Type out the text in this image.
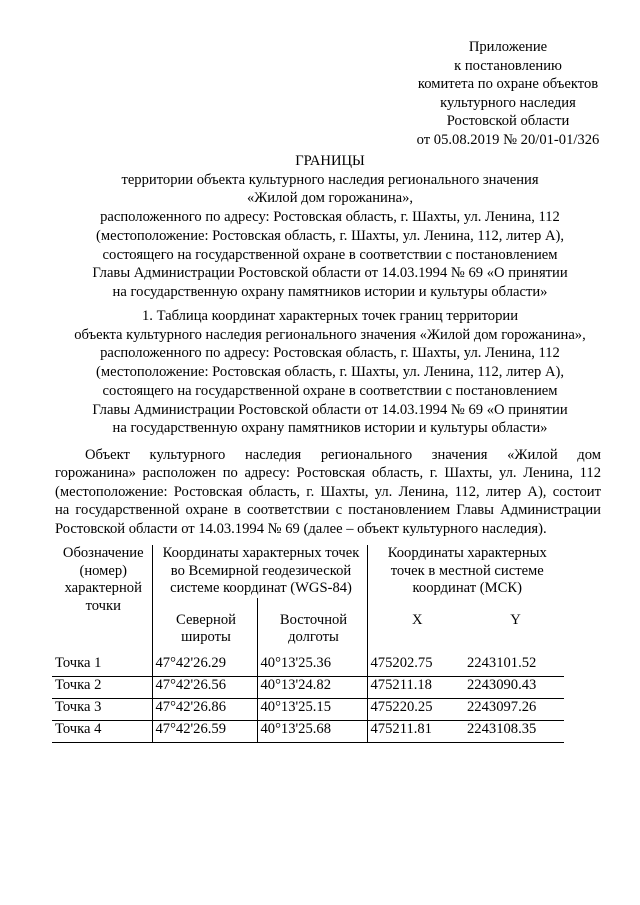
Приложение
к постановлению
комитета по охране объектов
культурного наследия
Ростовской области
от 05.08.2019 № 20/01-01/326
ГРАНИЦЫ
территории объекта культурного наследия регионального значения
«Жилой дом горожанина»,
расположенного по адресу: Ростовская область, г. Шахты, ул. Ленина, 112
(местоположение: Ростовская область, г. Шахты, ул. Ленина, 112, литер А),
состоящего на государственной охране в соответствии с постановлением
Главы Администрации Ростовской области от 14.03.1994 № 69 «О принятии
на государственную охрану памятников истории и культуры области»
1. Таблица координат характерных точек границ территории
объекта культурного наследия регионального значения «Жилой дом горожанина»,
расположенного по адресу: Ростовская область, г. Шахты, ул. Ленина, 112
(местоположение: Ростовская область, г. Шахты, ул. Ленина, 112, литер А),
состоящего на государственной охране в соответствии с постановлением
Главы Администрации Ростовской области от 14.03.1994 № 69 «О принятии
на государственную охрану памятников истории и культуры области»
Объект культурного наследия регионального значения «Жилой дом
горожанина» расположен по адресу: Ростовская область, г. Шахты, ул. Ленина, 112
(местоположение: Ростовская область, г. Шахты, ул. Ленина, 112, литер А), состоит
на государственной охране в соответствии с постановлением Главы Администрации
Ростовской области от 14.03.1994 № 69 (далее – объект культурного наследия).
Обозначение (номер) характерной точки	Координаты характерных точек во Всемирной геодезической системе координат (WGS-84)		Координаты характерных точек в местной системе координат (МСК)	
	Северной широты	Восточной долготы	X	Y
Точка 1	47°42'26.29	40°13'25.36	475202.75	2243101.52
Точка 2	47°42'26.56	40°13'24.82	475211.18	2243090.43
Точка 3	47°42'26.86	40°13'25.15	475220.25	2243097.26
Точка 4	47°42'26.59	40°13'25.68	475211.81	2243108.35
